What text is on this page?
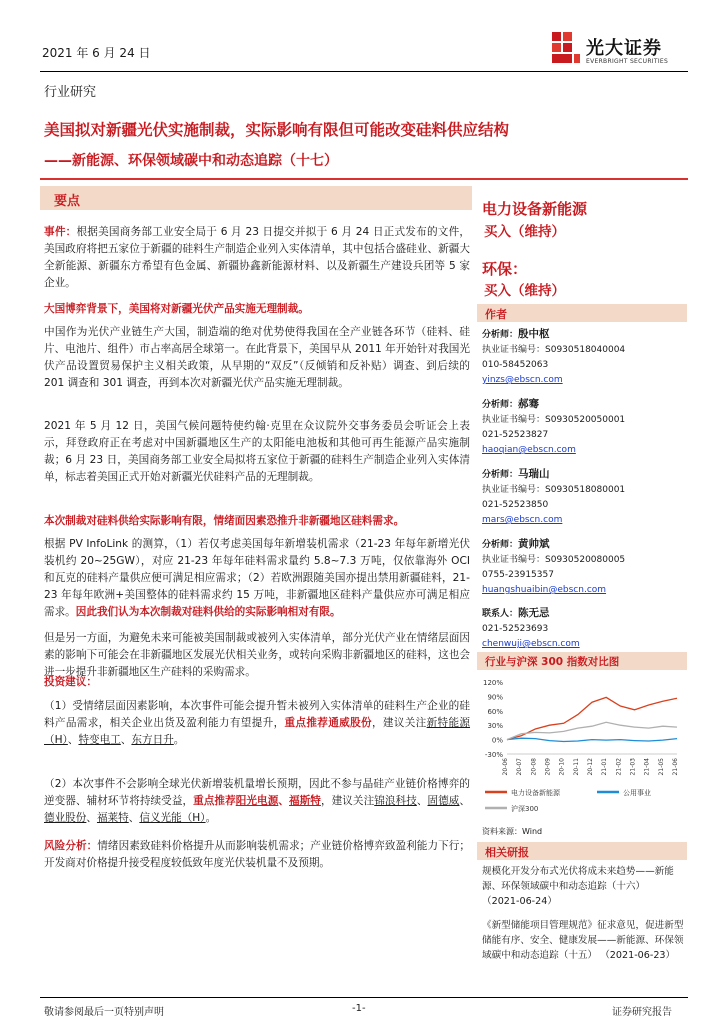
2021 年 6 月 24 日	光大证券
EVERBRIGHT SECURITIES
行业研究
美国拟对新疆光伏实施制裁，实际影响有限但可能改变硅料供应结构
——新能源、环保领域碳中和动态追踪（十七）
要点

事件：根据美国商务部工业安全局于 6 月 23 日提交并拟于 6 月 24 日正式发布的文件，美国政府将把五家位于新疆的硅料生产制造企业列入实体清单，其中包括合盛硅业、新疆大全新能源、新疆东方希望有色金属、新疆协鑫新能源材料、以及新疆生产建设兵团等 5 家企业。

大国博弈背景下，美国将对新疆光伏产品实施无理制裁。

中国作为光伏产业链生产大国，制造端的绝对优势使得我国在全产业链各环节（硅料、硅片、电池片、组件）市占率高居全球第一。在此背景下，美国早从 2011 年开始针对我国光伏产品设置贸易保护主义相关政策，从早期的“双反”（反倾销和反补贴）调查、到后续的 201 调查和 301 调查，再到本次对新疆光伏产品实施无理制裁。

2021 年 5 月 12 日，美国气候问题特使约翰·克里在众议院外交事务委员会听证会上表示，拜登政府正在考虑对中国新疆地区生产的太阳能电池板和其他可再生能源产品实施制裁；6 月 23 日，美国商务部工业安全局拟将五家位于新疆的硅料生产制造企业列入实体清单，标志着美国正式开始对新疆光伏硅料产品的无理制裁。

本次制裁对硅料供给实际影响有限，情绪面因素恐推升非新疆地区硅料需求。

根据 PV InfoLink 的测算，（1）若仅考虑美国每年新增装机需求（21-23 年每年新增光伏装机约 20~25GW），对应 21-23 年每年硅料需求量约 5.8~7.3 万吨，仅依靠海外 OCI 和瓦克的硅料产量供应便可满足相应需求；（2）若欧洲跟随美国亦提出禁用新疆硅料，21-23 年每年欧洲+美国整体的硅料需求约 15 万吨，非新疆地区硅料产量供应亦可满足相应需求。因此我们认为本次制裁对硅料供给的实际影响相对有限。

但是另一方面，为避免未来可能被美国制裁或被列入实体清单，部分光伏产业在情绪层面因素的影响下可能会在非新疆地区发展光伏相关业务，或转向采购非新疆地区的硅料，这也会进一步提升非新疆地区生产硅料的采购需求。

投资建议：

（1）受情绪层面因素影响，本次事件可能会提升暂未被列入实体清单的硅料生产企业的硅料产品需求，相关企业出货及盈利能力有望提升，重点推荐通威股份，建议关注新特能源（H）、特变电工、东方日升。

（2）本次事件不会影响全球光伏新增装机量增长预期，因此不参与晶硅产业链价格博弈的逆变器、辅材环节将持续受益，重点推荐阳光电源、福斯特，建议关注锦浪科技、固德威、德业股份、福莱特、信义光能（H）。

风险分析：情绪因素致硅料价格提升从而影响装机需求；产业链价格博弈致盈利能力下行；开发商对价格提升接受程度较低致年度光伏装机量不及预期。

电力设备新能源
买入（维持）
环保：
买入（维持）
作者
分析师：殷中枢
执业证书编号：S0930518040004
010-58452063
yinzs@ebscn.com
分析师：郝骞
执业证书编号：S0930520050001
021-52523827
haoqian@ebscn.com
分析师：马瑞山
执业证书编号：S0930518080001
021-52523850
mars@ebscn.com
分析师：黄帅斌
执业证书编号：S0930520080005
0755-23915357
huangshuaibin@ebscn.com
联系人：陈无忌
021-52523693
chenwuji@ebscn.com
行业与沪深 300 指数对比图
120%
90%
60%
30%
0%
-30%
20-06 20-07 20-08 20-09 20-10 20-11 20-12 21-01 21-02 21-03 21-04 21-05 21-06
电力设备新能源	公用事业
沪深300
资料来源：Wind
相关研报
规模化开发分布式光伏将成未来趋势——新能源、环保领域碳中和动态追踪（十六）
（2021-06-24）
《新型储能项目管理规范》征求意见，促进新型储能有序、安全、健康发展——新能源、环保领域碳中和动态追踪（十五） （2021-06-23）
敬请参阅最后一页特别声明	-1-	证券研究报告
